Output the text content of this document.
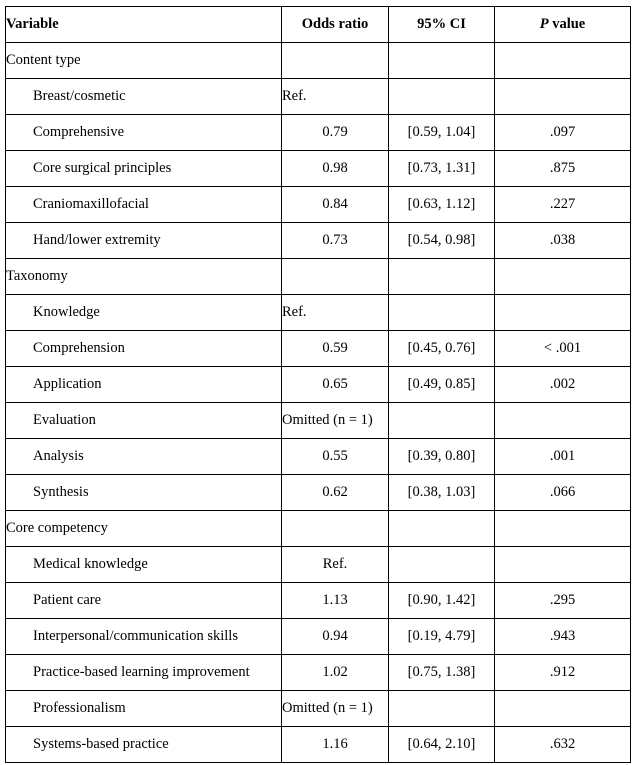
Variable	Odds ratio	95% CI	P value
Content type			
Breast/cosmetic	Ref.		
Comprehensive	0.79	[0.59, 1.04]	.097
Core surgical principles	0.98	[0.73, 1.31]	.875
Craniomaxillofacial	0.84	[0.63, 1.12]	.227
Hand/lower extremity	0.73	[0.54, 0.98]	.038
Taxonomy			
Knowledge	Ref.		
Comprehension	0.59	[0.45, 0.76]	< .001
Application	0.65	[0.49, 0.85]	.002
Evaluation	Omitted (n = 1)		
Analysis	0.55	[0.39, 0.80]	.001
Synthesis	0.62	[0.38, 1.03]	.066
Core competency			
Medical knowledge	Ref.		
Patient care	1.13	[0.90, 1.42]	.295
Interpersonal/communication skills	0.94	[0.19, 4.79]	.943
Practice-based learning improvement	1.02	[0.75, 1.38]	.912
Professionalism	Omitted (n = 1)		
Systems-based practice	1.16	[0.64, 2.10]	.632
